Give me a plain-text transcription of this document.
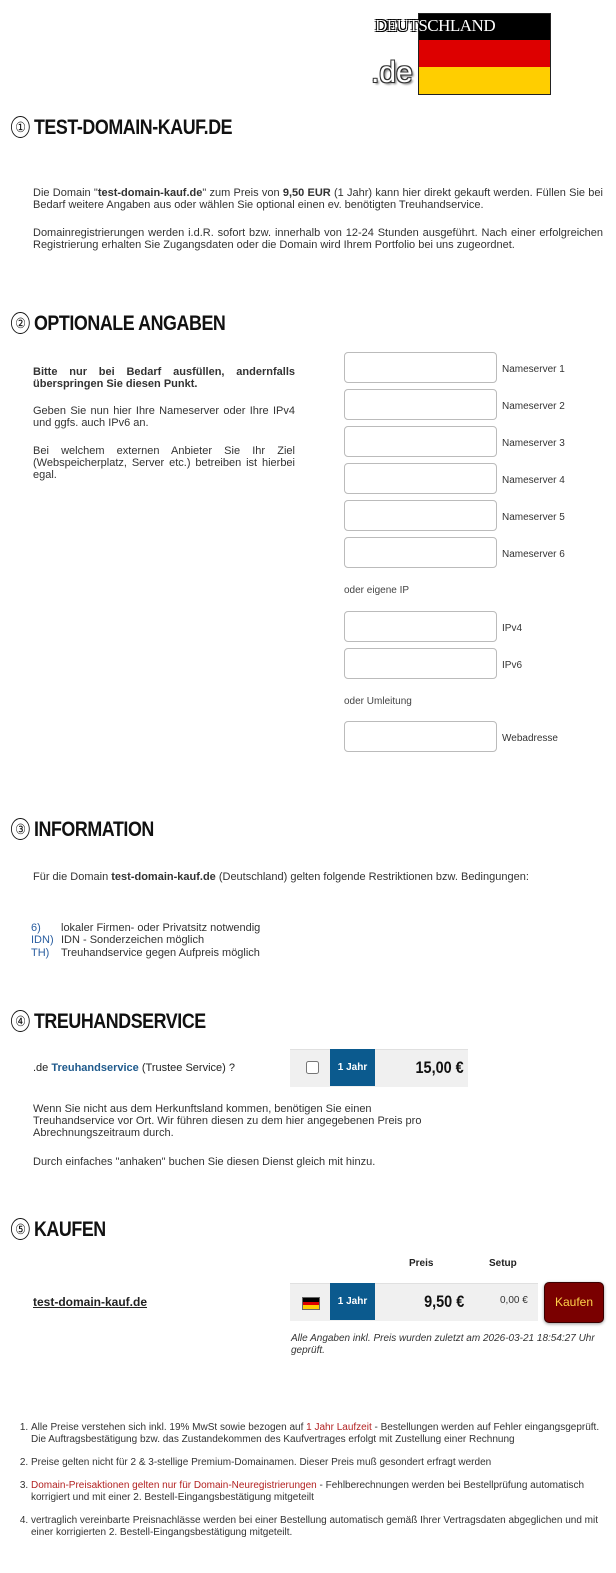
DEUTSCHLAND
.de
① TEST-DOMAIN-KAUF.DE

Die Domain "test-domain-kauf.de" zum Preis von 9,50 EUR (1 Jahr) kann hier direkt gekauft werden. Füllen Sie bei Bedarf weitere Angaben aus oder wählen Sie optional einen ev. benötigten Treuhandservice.

Domainregistrierungen werden i.d.R. sofort bzw. innerhalb von 12-24 Stunden ausgeführt. Nach einer erfolgreichen Registrierung erhalten Sie Zugangsdaten oder die Domain wird Ihrem Portfolio bei uns zugeordnet.

② OPTIONALE ANGABEN

Bitte nur bei Bedarf ausfüllen, andernfalls überspringen Sie diesen Punkt.

Geben Sie nun hier Ihre Nameserver oder Ihre IPv4 und ggfs. auch IPv6 an.

Bei welchem externen Anbieter Sie Ihr Ziel (Webspeicherplatz, Server etc.) betreiben ist hierbei egal.

Nameserver 1
Nameserver 2
Nameserver 3
Nameserver 4
Nameserver 5
Nameserver 6
oder eigene IP
IPv4
IPv6
oder Umleitung
Webadresse
③ INFORMATION

Für die Domain test-domain-kauf.de (Deutschland) gelten folgende Restriktionen bzw. Bedingungen:

6) lokaler Firmen- oder Privatsitz notwendig
IDN) IDN - Sonderzeichen möglich
TH) Treuhandservice gegen Aufpreis möglich
④ TREUHANDSERVICE
.de Treuhandservice (Trustee Service) ?	1 Jahr	15,00 €

Wenn Sie nicht aus dem Herkunftsland kommen, benötigen Sie einen Treuhandservice vor Ort. Wir führen diesen zu dem hier angegebenen Preis pro Abrechnungszeitraum durch.

Durch einfaches "anhaken" buchen Sie diesen Dienst gleich mit hinzu.

⑤ KAUFEN
Preis	Setup
test-domain-kauf.de	1 Jahr	9,50 €	0,00 €	Kaufen

Alle Angaben inkl. Preis wurden zuletzt am 2026-03-21 18:54:27 Uhr geprüft.

1. Alle Preise verstehen sich inkl. 19% MwSt sowie bezogen auf 1 Jahr Laufzeit - Bestellungen werden auf Fehler eingangsgeprüft. Die Auftragsbestätigung bzw. das Zustandekommen des Kaufvertrages erfolgt mit Zustellung einer Rechnung
2. Preise gelten nicht für 2 & 3-stellige Premium-Domainamen. Dieser Preis muß gesondert erfragt werden
3. Domain-Preisaktionen gelten nur für Domain-Neuregistrierungen - Fehlberechnungen werden bei Bestellprüfung automatisch korrigiert und mit einer 2. Bestell-Eingangsbestätigung mitgeteilt
4. vertraglich vereinbarte Preisnachlässe werden bei einer Bestellung automatisch gemäß Ihrer Vertragsdaten abgeglichen und mit einer korrigierten 2. Bestell-Eingangsbestätigung mitgeteilt.
